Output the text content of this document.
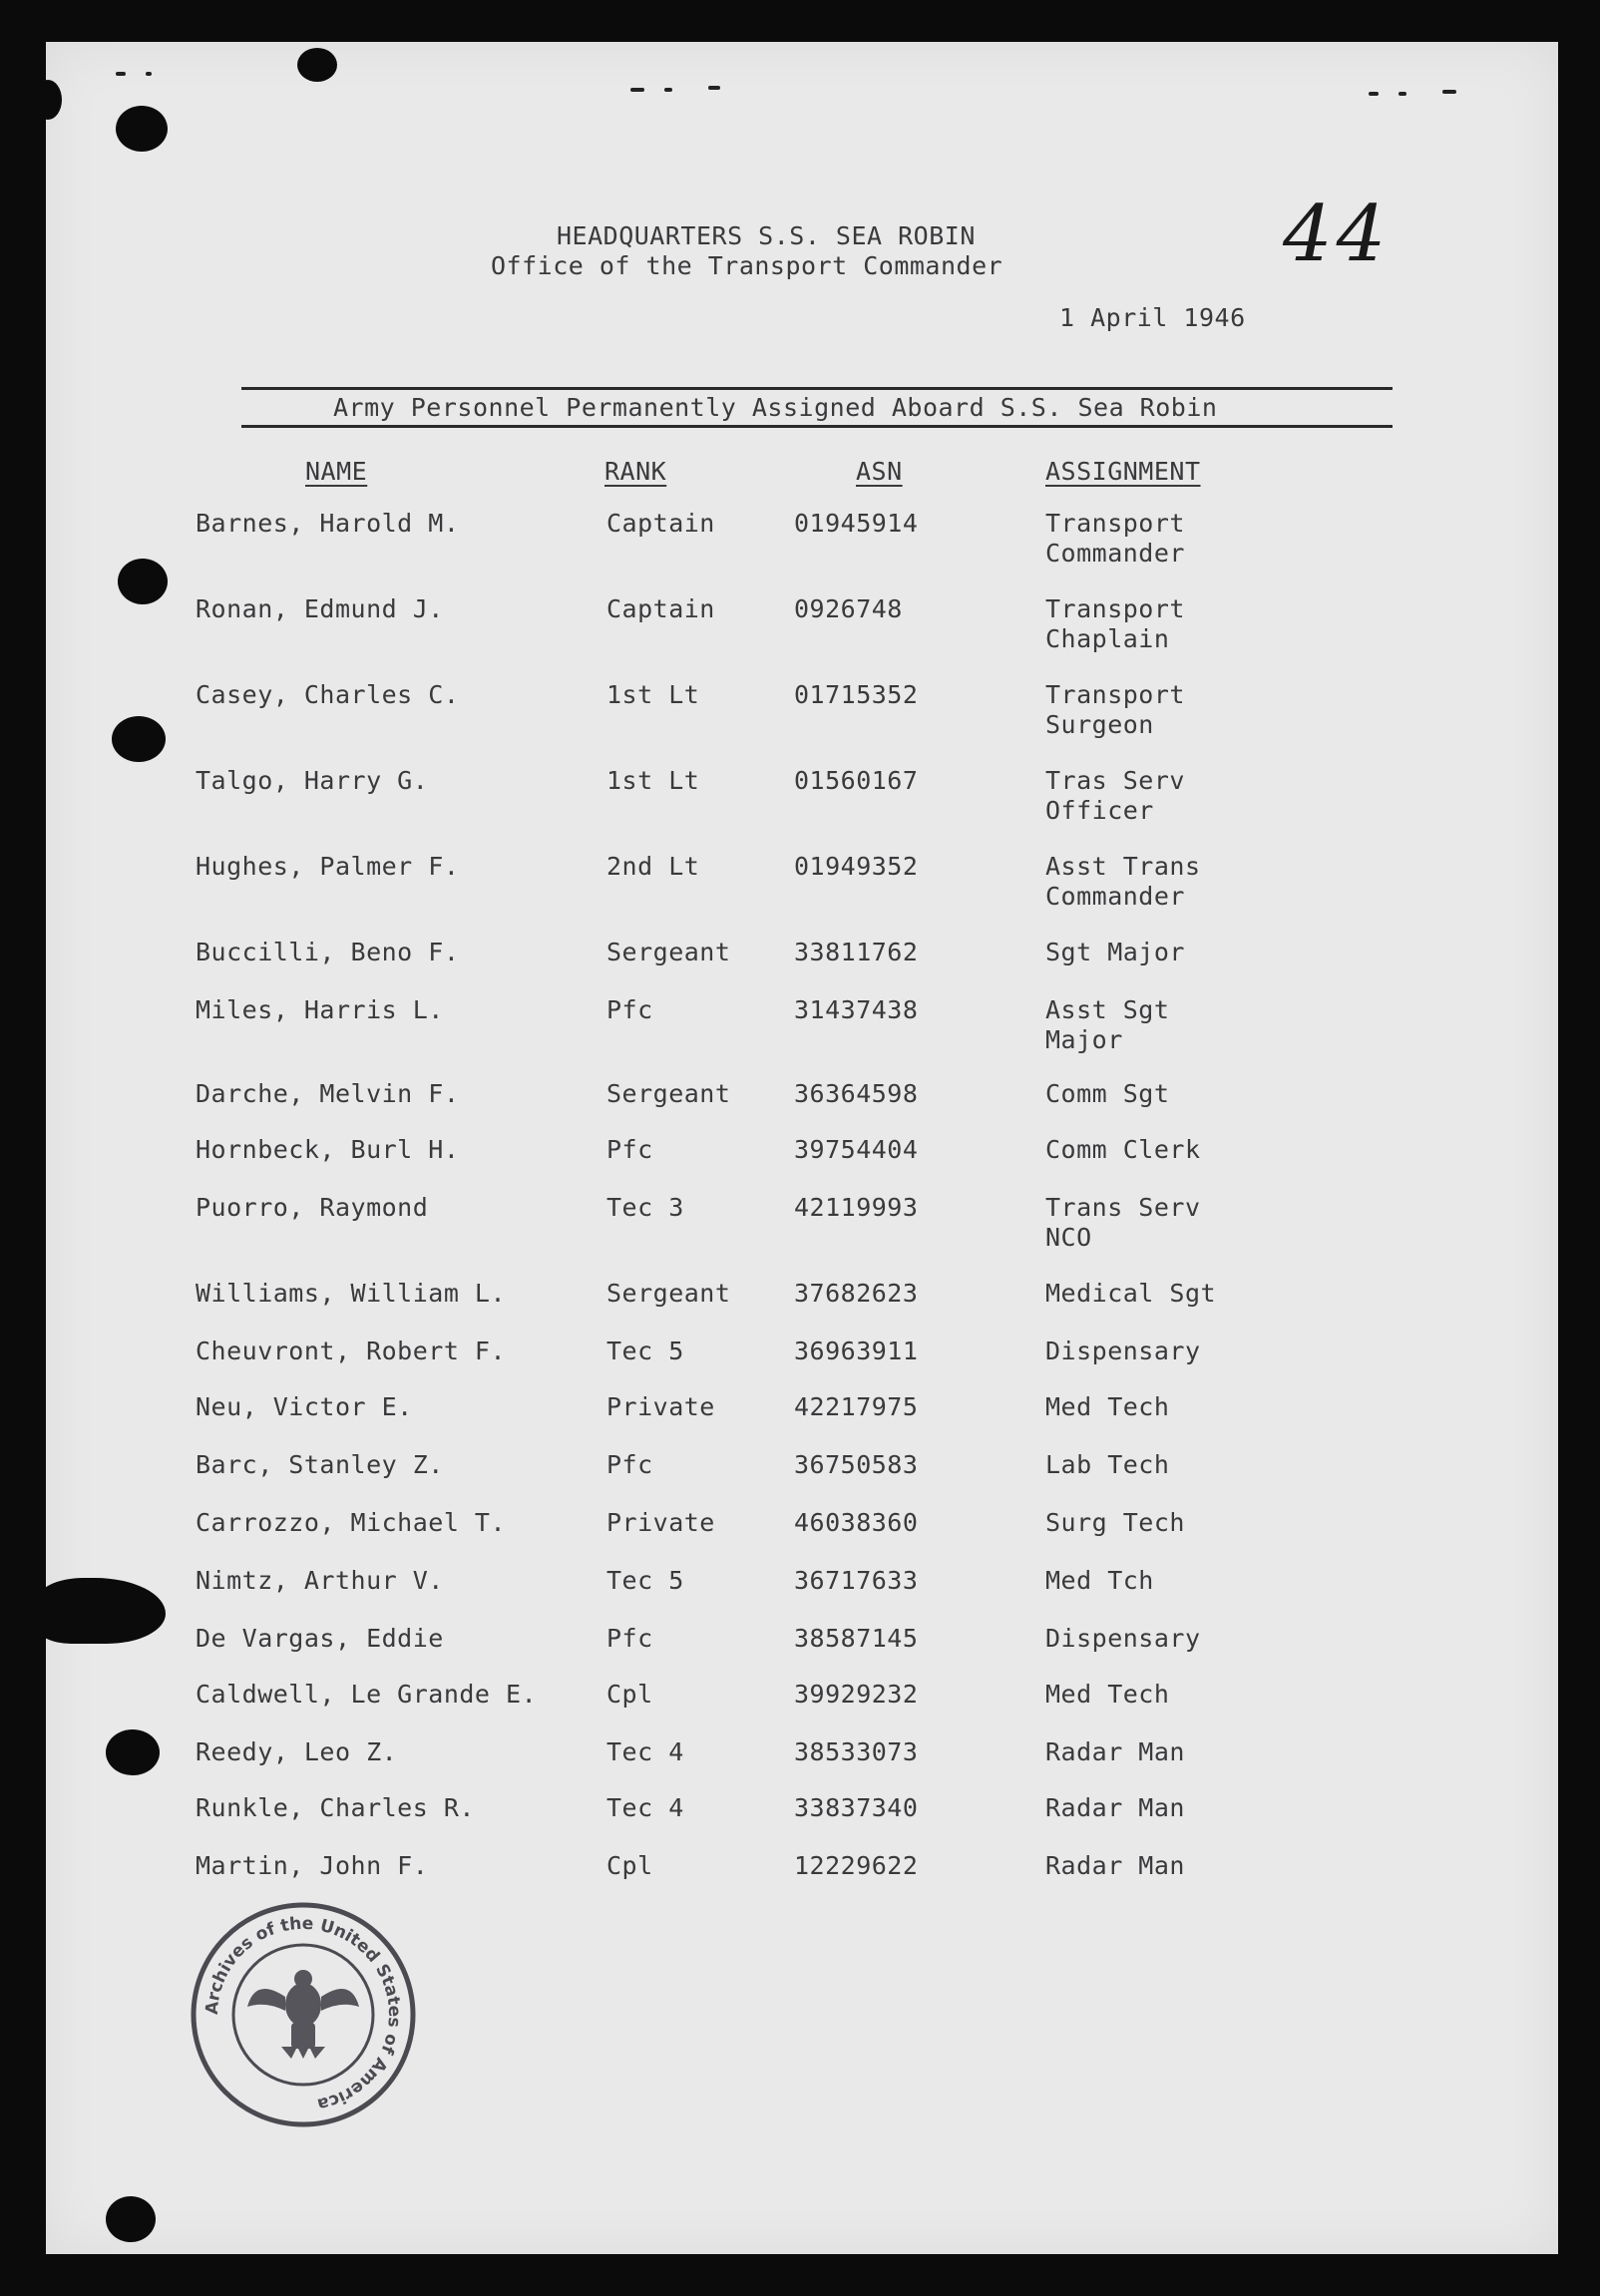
HEADQUARTERS S.S. SEA ROBIN
Office of the Transport Commander	44
1 April 1946
Army Personnel Permanently Assigned Aboard S.S. Sea Robin
NAME	RANK	ASN	ASSIGNMENT
Barnes, Harold M.	Captain	01945914	Transport
Commander
Ronan, Edmund J.	Captain	0926748	Transport
Chaplain
Casey, Charles C.	1st Lt	01715352	Transport
Surgeon
Talgo, Harry G.	1st Lt	01560167	Tras Serv
Officer
Hughes, Palmer F.	2nd Lt	01949352	Asst Trans
Commander
Buccilli, Beno F.	Sergeant	33811762	Sgt Major
Miles, Harris L.	Pfc	31437438	Asst Sgt
Major
Darche, Melvin F.	Sergeant	36364598	Comm Sgt
Hornbeck, Burl H.	Pfc	39754404	Comm Clerk
Puorro, Raymond	Tec 3	42119993	Trans Serv
NCO
Williams, William L.	Sergeant	37682623	Medical Sgt
Cheuvront, Robert F.	Tec 5	36963911	Dispensary
Neu, Victor E.	Private	42217975	Med Tech
Barc, Stanley Z.	Pfc	36750583	Lab Tech
Carrozzo, Michael T.	Private	46038360	Surg Tech
Nimtz, Arthur V.	Tec 5	36717633	Med Tch
De Vargas, Eddie	Pfc	38587145	Dispensary
Caldwell, Le Grande E.	Cpl	39929232	Med Tech
Reedy, Leo Z.	Tec 4	38533073	Radar Man
Runkle, Charles R.	Tec 4	33837340	Radar Man
Martin, John F.	Cpl	12229622	Radar Man
Archives of the United States of America
